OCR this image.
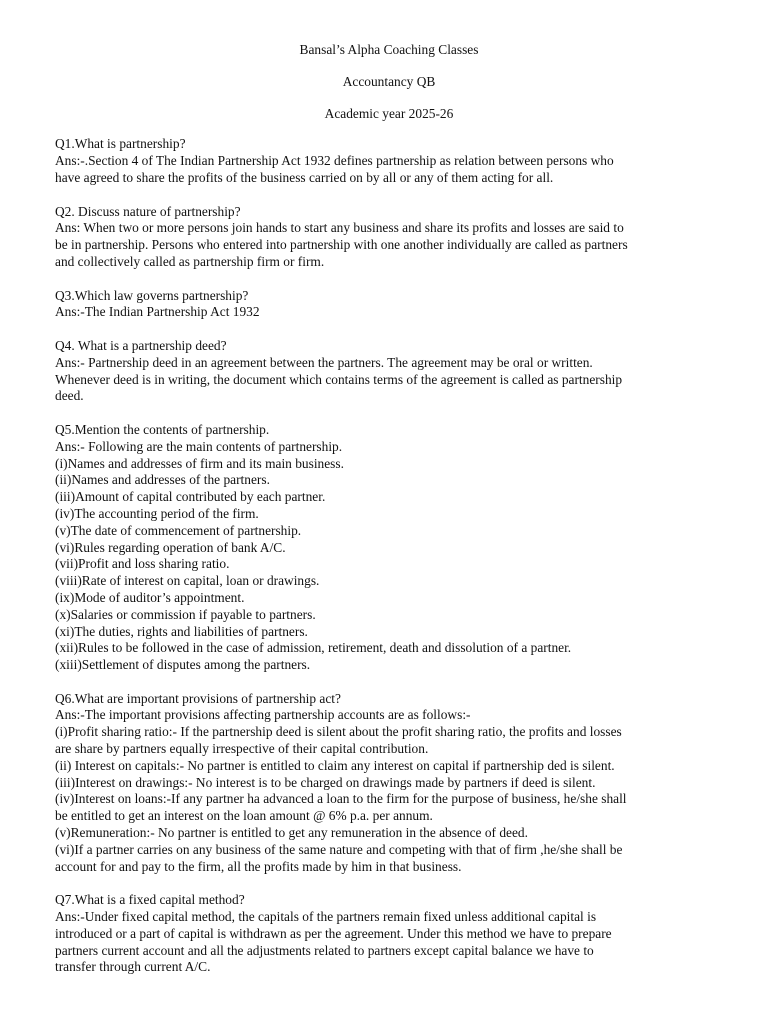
Bansal’s Alpha Coaching Classes
Accountancy QB
Academic year 2025-26
Q1.What is partnership?
Ans:-.Section 4 of The Indian Partnership Act 1932 defines partnership as relation between persons who
have agreed to share the profits of the business carried on by all or any of them acting for all.
Q2. Discuss nature of partnership?
Ans: When two or more persons join hands to start any business and share its profits and losses are said to
be in partnership. Persons who entered into partnership with one another individually are called as partners
and collectively called as partnership firm or firm.
Q3.Which law governs partnership?
Ans:-The Indian Partnership Act 1932
Q4. What is a partnership deed?
Ans:- Partnership deed in an agreement between the partners. The agreement may be oral or written.
Whenever deed is in writing, the document which contains terms of the agreement is called as partnership
deed.
Q5.Mention the contents of partnership.
Ans:- Following are the main contents of partnership.
(i)Names and addresses of firm and its main business.
(ii)Names and addresses of the partners.
(iii)Amount of capital contributed by each partner.
(iv)The accounting period of the firm.
(v)The date of commencement of partnership.
(vi)Rules regarding operation of bank A/C.
(vii)Profit and loss sharing ratio.
(viii)Rate of interest on capital, loan or drawings.
(ix)Mode of auditor’s appointment.
(x)Salaries or commission if payable to partners.
(xi)The duties, rights and liabilities of partners.
(xii)Rules to be followed in the case of admission, retirement, death and dissolution of a partner.
(xiii)Settlement of disputes among the partners.
Q6.What are important provisions of partnership act?
Ans:-The important provisions affecting partnership accounts are as follows:-
(i)Profit sharing ratio:- If the partnership deed is silent about the profit sharing ratio, the profits and losses
are share by partners equally irrespective of their capital contribution.
(ii) Interest on capitals:- No partner is entitled to claim any interest on capital if partnership ded is silent.
(iii)Interest on drawings:- No interest is to be charged on drawings made by partners if deed is silent.
(iv)Interest on loans:-If any partner ha advanced a loan to the firm for the purpose of business, he/she shall
be entitled to get an interest on the loan amount @ 6% p.a. per annum.
(v)Remuneration:- No partner is entitled to get any remuneration in the absence of deed.
(vi)If a partner carries on any business of the same nature and competing with that of firm ,he/she shall be
account for and pay to the firm, all the profits made by him in that business.
Q7.What is a fixed capital method?
Ans:-Under fixed capital method, the capitals of the partners remain fixed unless additional capital is
introduced or a part of capital is withdrawn as per the agreement. Under this method we have to prepare
partners current account and all the adjustments related to partners except capital balance we have to
transfer through current A/C.
